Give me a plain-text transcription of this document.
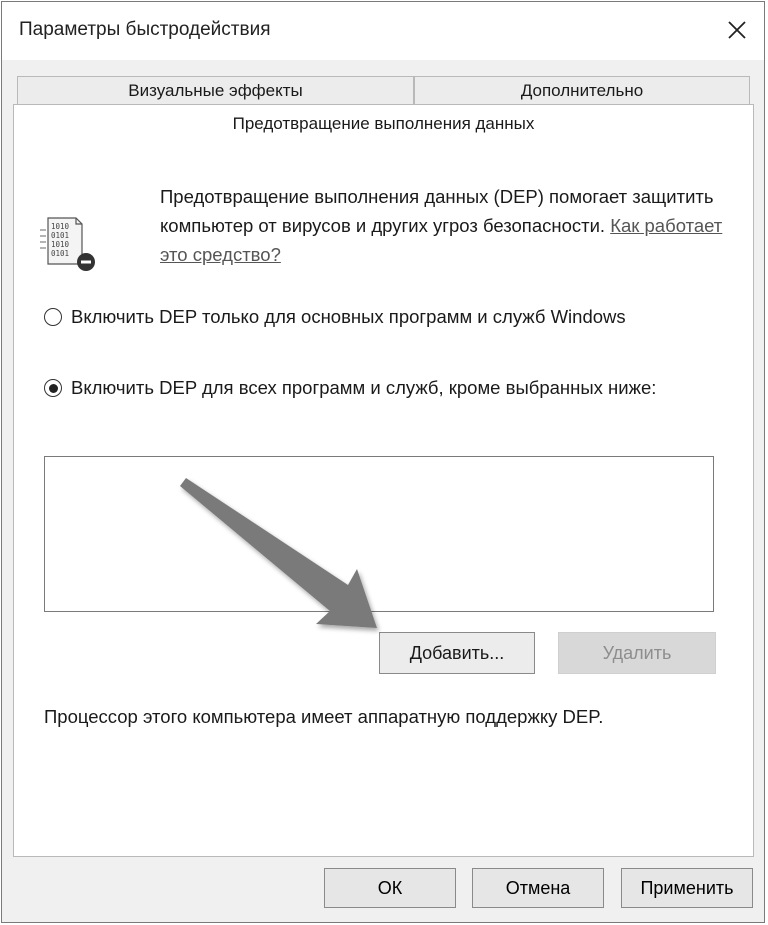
Параметры быстродействия
Визуальные эффекты	Дополнительно
Предотвращение выполнения данных
1010
0101
1010
0101
Предотвращение выполнения данных (DEP) помогает защитить компьютер от вирусов и других угроз безопасности. Как работает это средство?
Включить DEP только для основных программ и служб Windows
Включить DEP для всех программ и служб, кроме выбранных ниже:
Добавить...	Удалить
Процессор этого компьютера имеет аппаратную поддержку DEP.
ОК	Отмена	Применить
